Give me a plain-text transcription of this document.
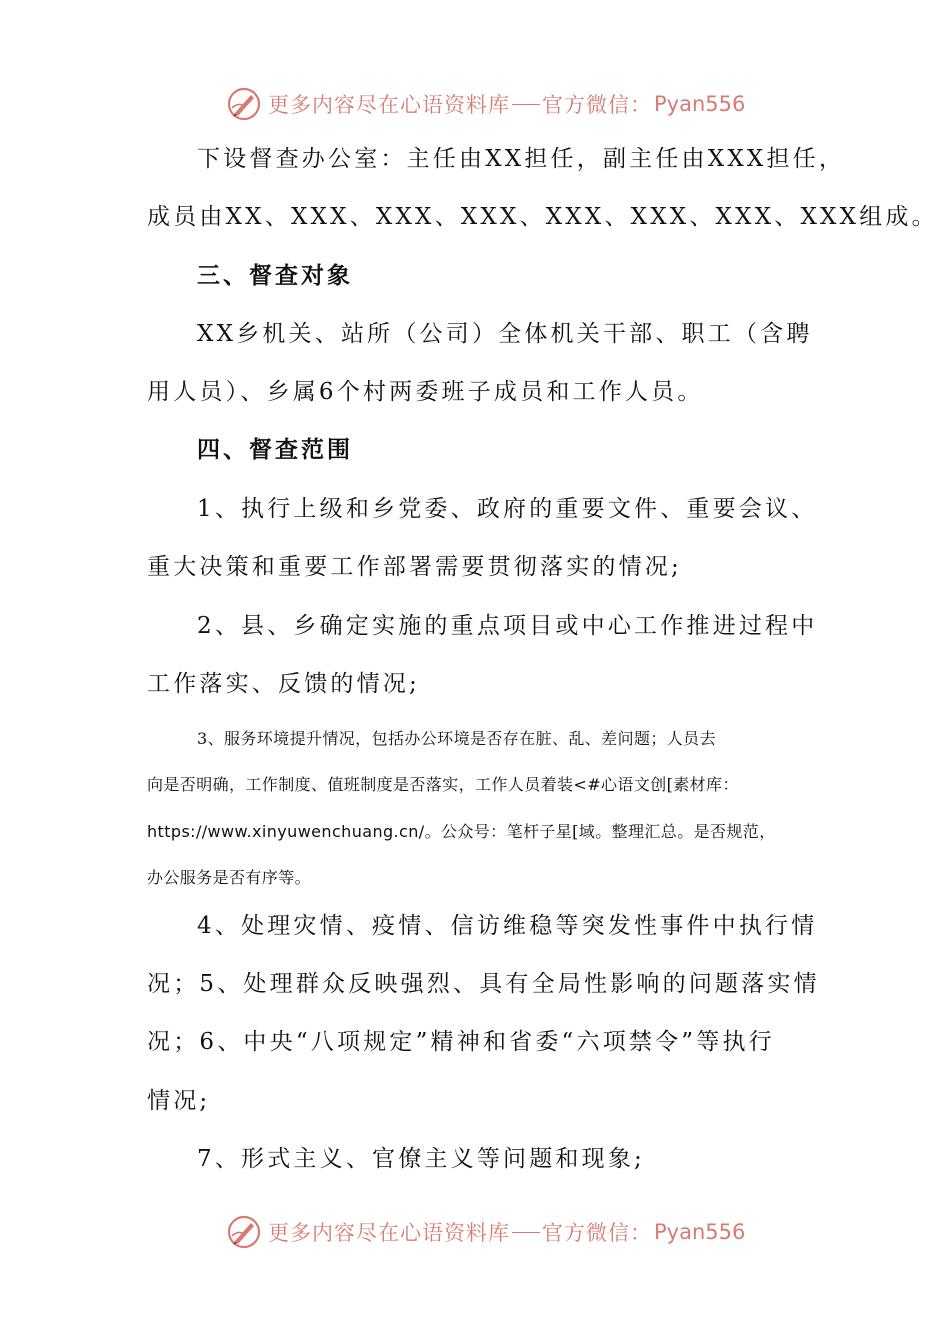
更多内容尽在心语资料库 官方微信： Pyan556
下设督查办公室：主任由XX担任，副主任由XXX担任，
成员由XX、XXX、XXX、XXX、XXX、XXX、XXX、XXX组成。
三、督查对象
XX乡机关、站所（公司）全体机关干部、职工（含聘
用人员）、乡属6个村两委班子成员和工作人员。
四、督查范围
1、执行上级和乡党委、政府的重要文件、重要会议、
重大决策和重要工作部署需要贯彻落实的情况;
2、县、乡确定实施的重点项目或中心工作推进过程中
工作落实、反馈的情况;
3、服务环境提升情况，包括办公环境是否存在脏、乱、差问题；人员去
向是否明确，工作制度、值班制度是否落实，工作人员着装<#心语文创[素材库：
https://www.xinyuwenchuang.cn/。公众号：笔杆子星[域。整理汇总。是否规范，
办公服务是否有序等。
4、处理灾情、疫情、信访维稳等突发性事件中执行情
况；5、处理群众反映强烈、具有全局性影响的问题落实情
况；6、中央“八项规定”精神和省委“六项禁令”等执行
情况;
7、形式主义、官僚主义等问题和现象;
更多内容尽在心语资料库 官方微信： Pyan556
